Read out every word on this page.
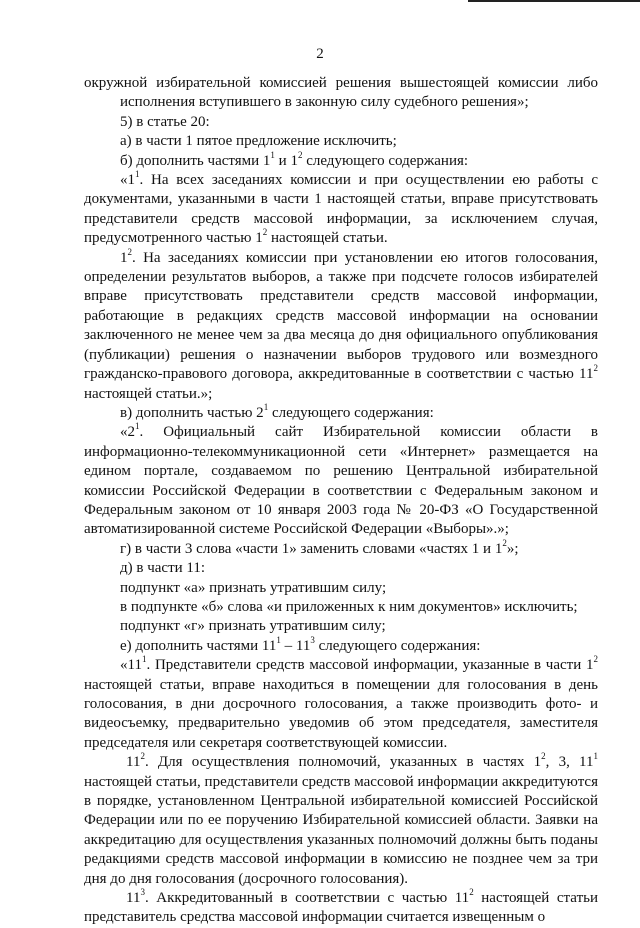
2

окружной избирательной комиссией решения вышестоящей комиссии либо

исполнения вступившего в законную силу судебного решения»;

5) в статье 20:

а) в части 1 пятое предложение исключить;

б) дополнить частями $1^1$ и $1^2$ следующего содержания:

«$1^1$. На всех заседаниях комиссии и при осуществлении ею работы с документами, указанными в части 1 настоящей статьи, вправе присутствовать представители средств массовой информации, за исключением случая, предусмотренного частью $1^2$ настоящей статьи.

$1^2$. На заседаниях комиссии при установлении ею итогов голосования, определении результатов выборов, а также при подсчете голосов избирателей вправе присутствовать представители средств массовой информации, работающие в редакциях средств массовой информации на основании заключенного не менее чем за два месяца до дня официального опубликования (публикации) решения о назначении выборов трудового или возмездного гражданско-правового договора, аккредитованные в соответствии с частью $11^2$ настоящей статьи.»;

в) дополнить частью $2^1$ следующего содержания:

«$2^1$. Официальный сайт Избирательной комиссии области в информационно-телекоммуникационной сети «Интернет» размещается на едином портале, создаваемом по решению Центральной избирательной комиссии Российской Федерации в соответствии с Федеральным законом и Федеральным законом от 10 января 2003 года № 20-ФЗ «О Государственной автоматизированной системе Российской Федерации «Выборы».»;

г) в части 3 слова «части 1» заменить словами «частях 1 и $1^2$»;

д) в части 11:

подпункт «а» признать утратившим силу;

в подпункте «б» слова «и приложенных к ним документов» исключить;

подпункт «г» признать утратившим силу;

е) дополнить частями $11^1 - 11^3$ следующего содержания:

«$11^1$. Представители средств массовой информации, указанные в части $1^2$ настоящей статьи, вправе находиться в помещении для голосования в день голосования, в дни досрочного голосования, а также производить фото- и видеосъемку, предварительно уведомив об этом председателя, заместителя председателя или секретаря соответствующей комиссии.

$11^2$. Для осуществления полномочий, указанных в частях $1^2$, 3, $11^1$ настоящей статьи, представители средств массовой информации аккредитуются в порядке, установленном Центральной избирательной комиссией Российской Федерации или по ее поручению Избирательной комиссией области. Заявки на аккредитацию для осуществления указанных полномочий должны быть поданы редакциями средств массовой информации в комиссию не позднее чем за три дня до дня голосования (досрочного голосования).

$11^3$. Аккредитованный в соответствии с частью $11^2$ настоящей статьи представитель средства массовой информации считается извещенным о
